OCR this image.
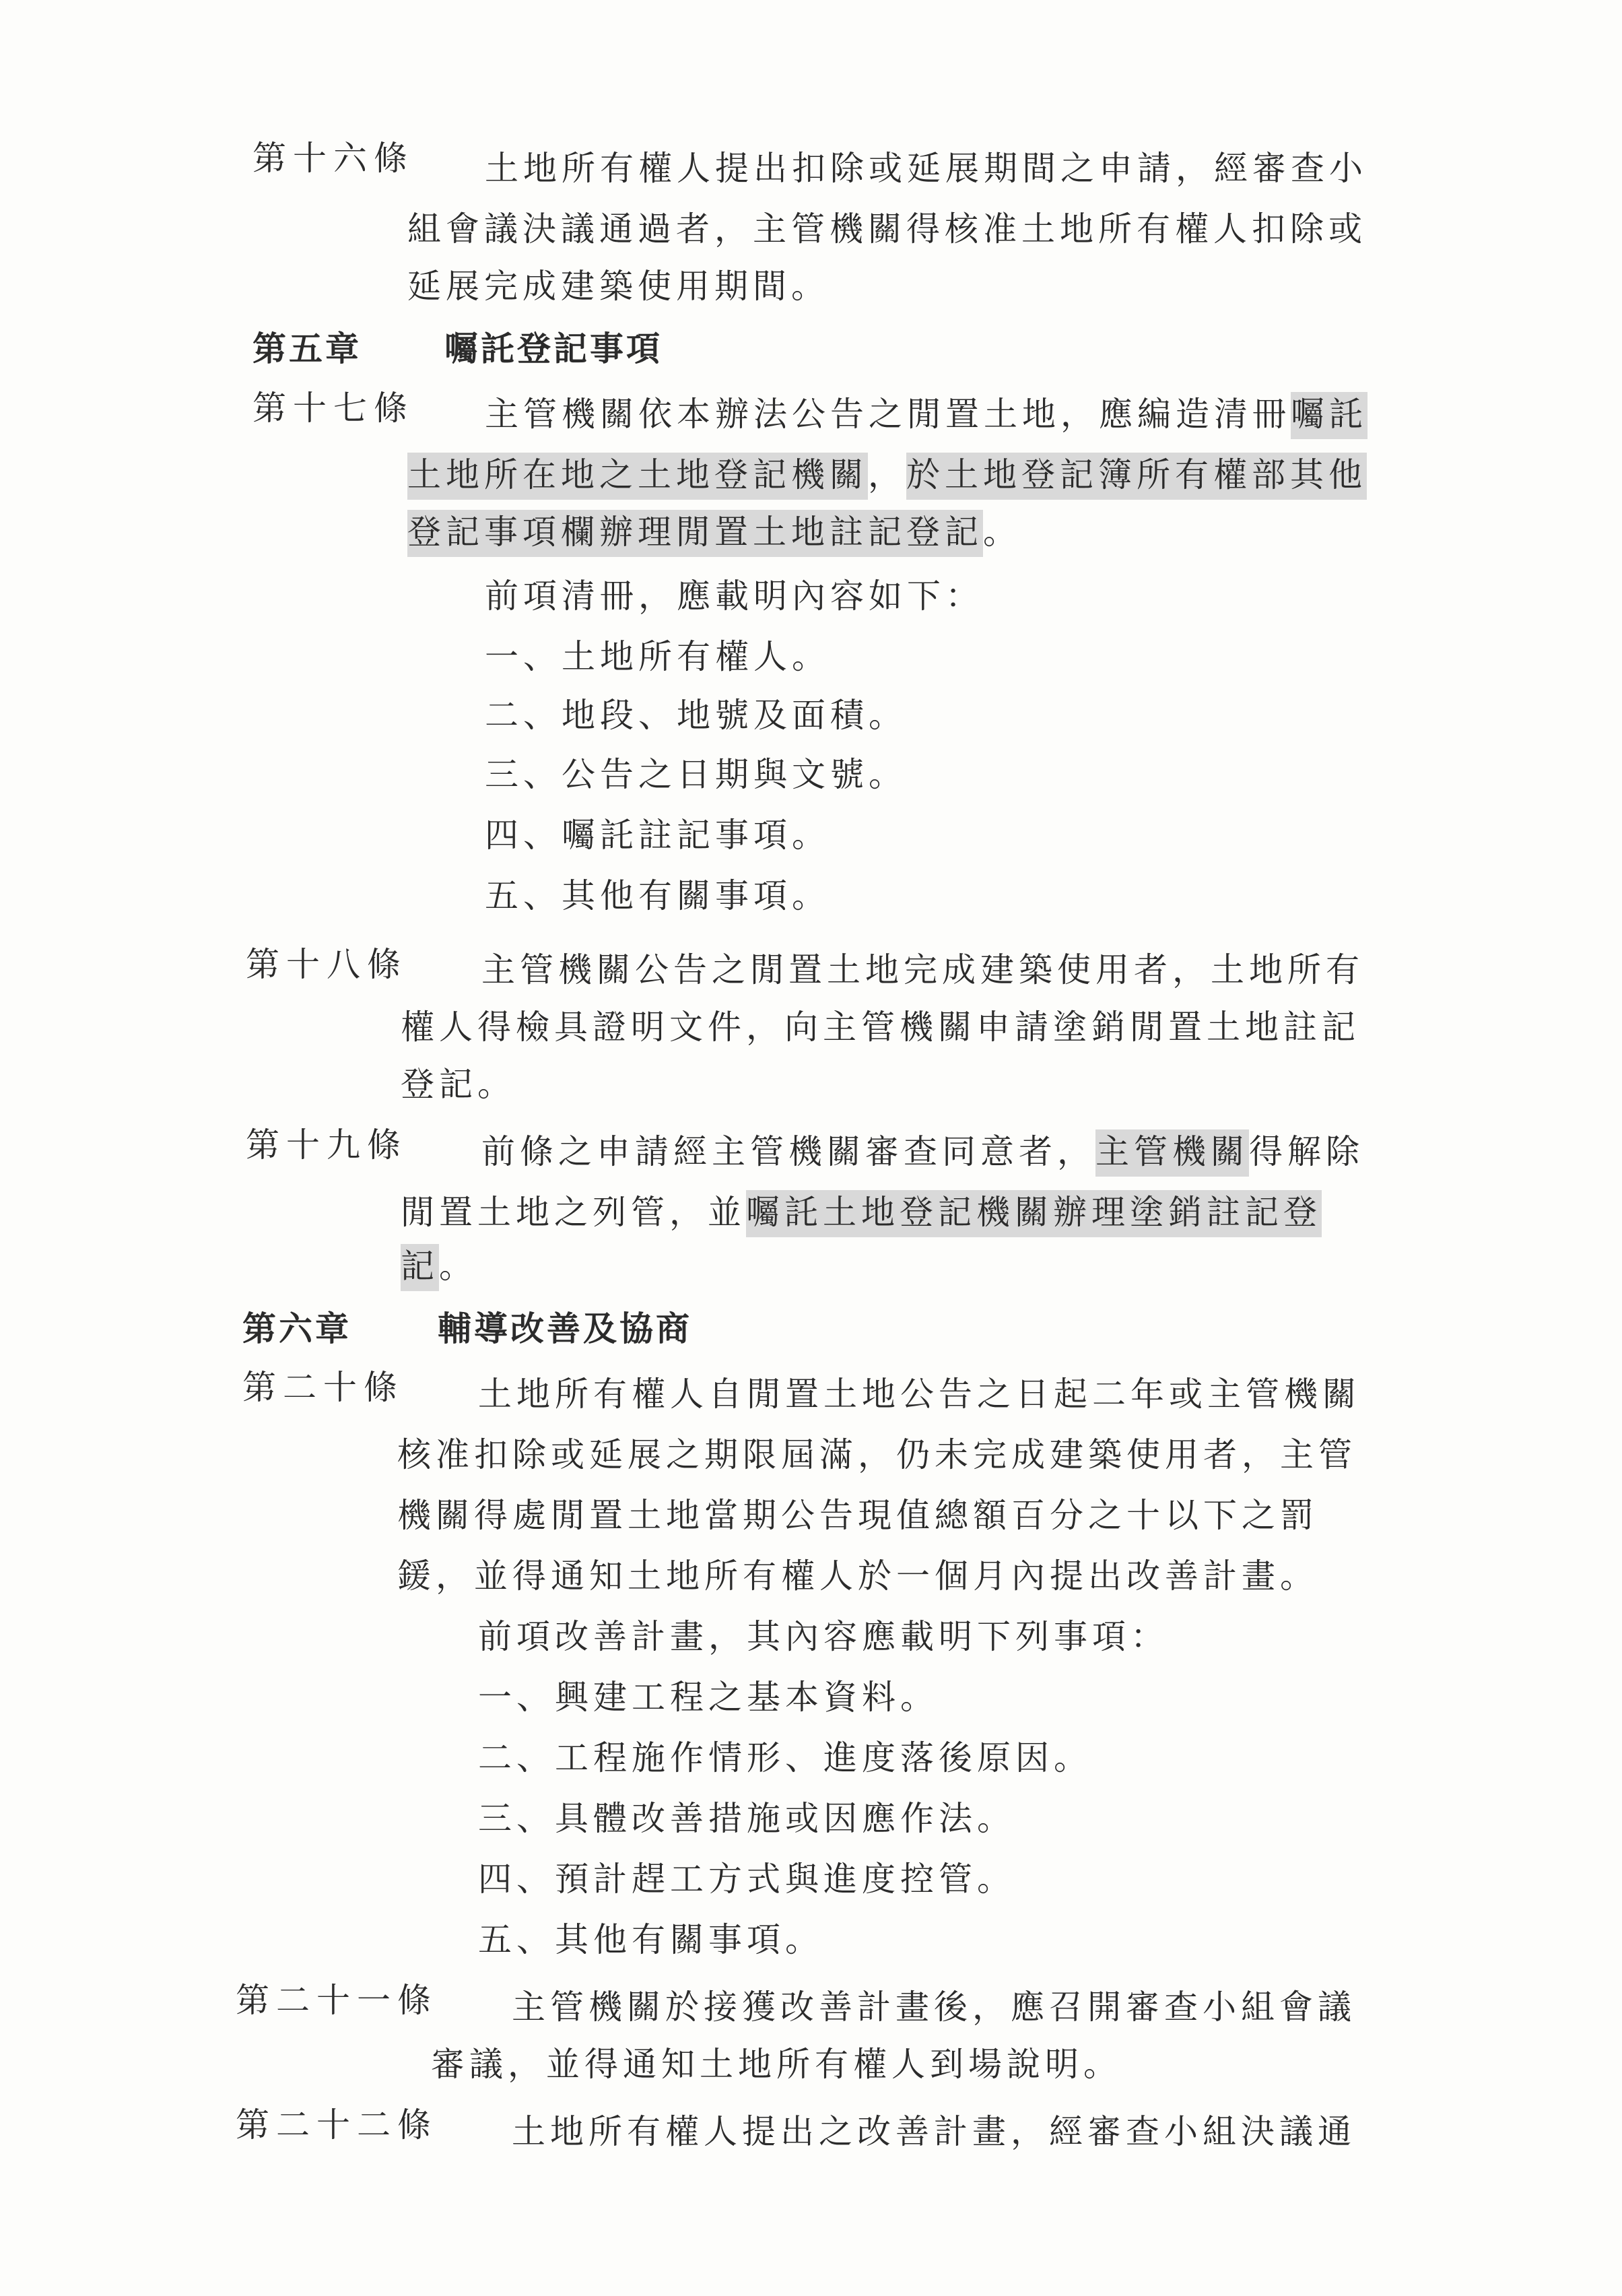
第十六條 土地所有權人提出扣除或延展期間之申請，經審查小
組會議決議通過者，主管機關得核准土地所有權人扣除或
延展完成建築使用期間。
第五章 囑託登記事項
第十七條 主管機關依本辦法公告之閒置土地，應編造清冊囑託
土地所在地之土地登記機關，於土地登記簿所有權部其他
登記事項欄辦理閒置土地註記登記。
前項清冊，應載明內容如下：
一、土地所有權人。
二、地段、地號及面積。
三、公告之日期與文號。
四、囑託註記事項。
五、其他有關事項。
第十八條 主管機關公告之閒置土地完成建築使用者，土地所有
權人得檢具證明文件，向主管機關申請塗銷閒置土地註記
登記。
第十九條 前條之申請經主管機關審查同意者，主管機關得解除
閒置土地之列管，並囑託土地登記機關辦理塗銷註記登
記。
第六章	輔導改善及協商
第二十條 土地所有權人自閒置土地公告之日起二年或主管機關
核准扣除或延展之期限屆滿，仍未完成建築使用者，主管
機關得處閒置土地當期公告現值總額百分之十以下之罰
鍰，並得通知土地所有權人於一個月內提出改善計畫。
前項改善計畫，其內容應載明下列事項：
一、興建工程之基本資料。
二、工程施作情形、進度落後原因。
三、具體改善措施或因應作法。
四、預計趕工方式與進度控管。
五、其他有關事項。
第二十一條 主管機關於接獲改善計畫後，應召開審查小組會議
審議，並得通知土地所有權人到場說明。
第二十二條 土地所有權人提出之改善計畫，經審查小組決議通
